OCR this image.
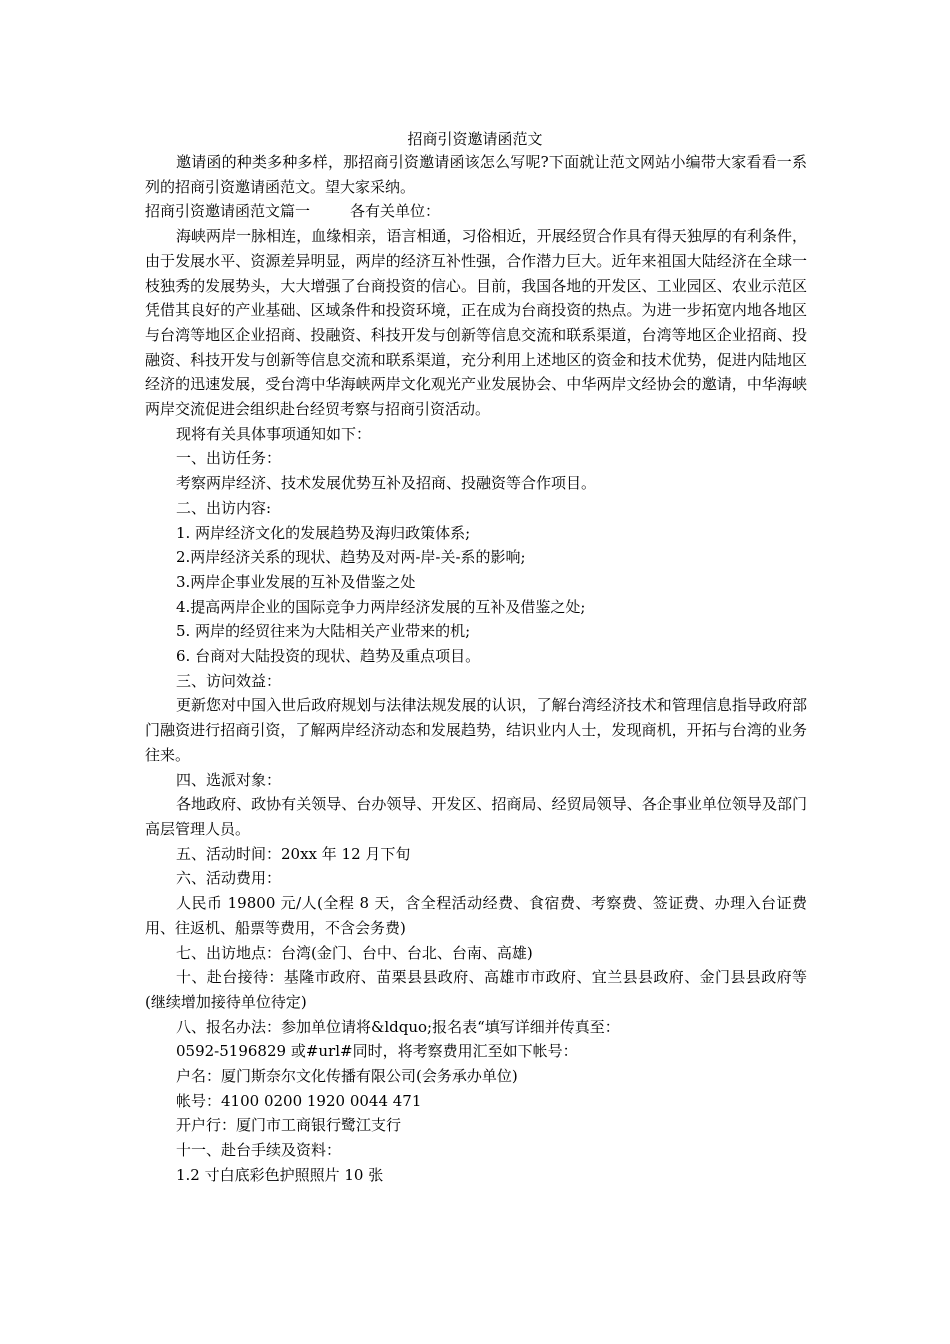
招商引资邀请函范文

邀请函的种类多种多样，那招商引资邀请函该怎么写呢?下面就让范文网站小编带大家看看一系列的招商引资邀请函范文。望大家采纳。

招商引资邀请函范文篇一	各有关单位：

海峡两岸一脉相连，血缘相亲，语言相通，习俗相近，开展经贸合作具有得天独厚的有利条件，由于发展水平、资源差异明显，两岸的经济互补性强，合作潜力巨大。近年来祖国大陆经济在全球一枝独秀的发展势头，大大增强了台商投资的信心。目前，我国各地的开发区、工业园区、农业示范区凭借其良好的产业基础、区域条件和投资环境，正在成为台商投资的热点。为进一步拓宽内地各地区与台湾等地区企业招商、投融资、科技开发与创新等信息交流和联系渠道，台湾等地区企业招商、投融资、科技开发与创新等信息交流和联系渠道，充分利用上述地区的资金和技术优势，促进内陆地区经济的迅速发展，受台湾中华海峡两岸文化观光产业发展协会、中华两岸文经协会的邀请，中华海峡两岸交流促进会组织赴台经贸考察与招商引资活动。

现将有关具体事项通知如下：

一、出访任务：

考察两岸经济、技术发展优势互补及招商、投融资等合作项目。

二、出访内容:

1. 两岸经济文化的发展趋势及海归政策体系;

2.两岸经济关系的现状、趋势及对两-岸-关-系的影响;

3.两岸企事业发展的互补及借鉴之处

4.提高两岸企业的国际竞争力两岸经济发展的互补及借鉴之处;

5. 两岸的经贸往来为大陆相关产业带来的机;

6. 台商对大陆投资的现状、趋势及重点项目。

三、访问效益：

更新您对中国入世后政府规划与法律法规发展的认识，了解台湾经济技术和管理信息指导政府部门融资进行招商引资，了解两岸经济动态和发展趋势，结识业内人士，发现商机，开拓与台湾的业务往来。

四、选派对象：

各地政府、政协有关领导、台办领导、开发区、招商局、经贸局领导、各企事业单位领导及部门高层管理人员。

五、活动时间：20xx 年 12 月下旬

六、活动费用：

人民币 19800 元/人(全程 8 天，含全程活动经费、食宿费、考察费、签证费、办理入台证费用、往返机、船票等费用，不含会务费)

七、出访地点：台湾(金门、台中、台北、台南、高雄)

十、赴台接待：基隆市政府、苗栗县县政府、高雄市市政府、宜兰县县政府、金门县县政府等(继续增加接待单位待定)

八、报名办法：参加单位请将&ldquo;报名表“填写详细并传真至：

0592-5196829 或#url#同时，将考察费用汇至如下帐号：

户名：厦门斯奈尔文化传播有限公司(会务承办单位)

帐号：4100 0200 1920 0044 471

开户行：厦门市工商银行鹭江支行

十一、赴台手续及资料：

1.2 寸白底彩色护照照片 10 张
